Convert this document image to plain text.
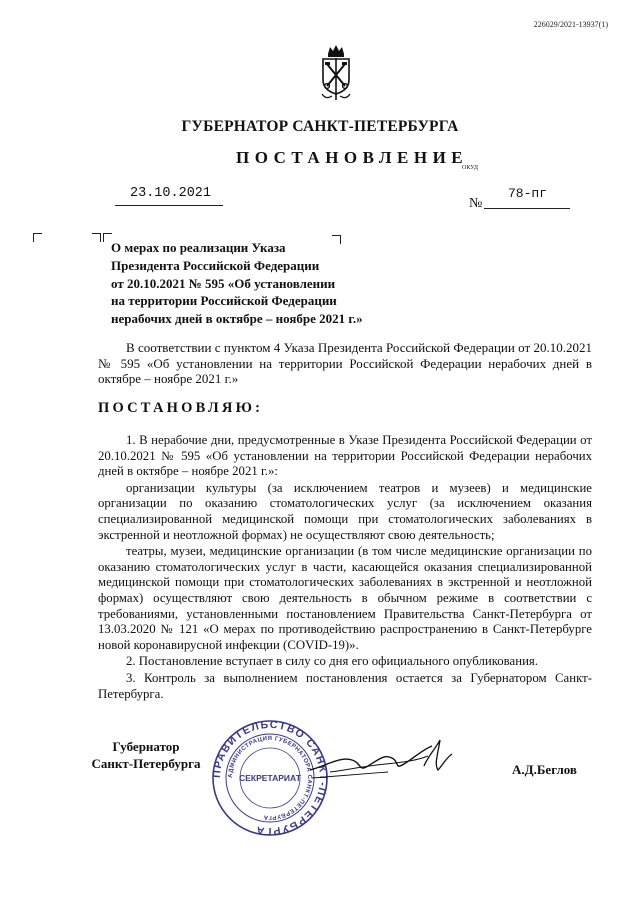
226029/2021-13937(1)
ГУБЕРНАТОР САНКТ-ПЕТЕРБУРГА
ПОСТАНОВЛЕНИЕ
ОКУД
23.10.2021
№
78-пг
О мерах по реализации Указа
Президента Российской Федерации
от 20.10.2021 № 595 «Об установлении
на территории Российской Федерации
нерабочих дней в октябре – ноябре 2021 г.»
В соответствии с пунктом 4 Указа Президента Российской Федерации от 20.10.2021 № 595 «Об установлении на территории Российской Федерации нерабочих дней в октябре – ноябре 2021 г.»
ПОСТАНОВЛЯЮ:

1. В нерабочие дни, предусмотренные в Указе Президента Российской Федерации от 20.10.2021 № 595 «Об установлении на территории Российской Федерации нерабочих дней в октябре – ноябре 2021 г.»:

организации культуры (за исключением театров и музеев) и медицинские организации по оказанию стоматологических услуг (за исключением оказания специализированной медицинской помощи при стоматологических заболеваниях в экстренной и неотложной формах) не осуществляют свою деятельность;

театры, музеи, медицинские организации (в том числе медицинские организации по оказанию стоматологических услуг в части, касающейся оказания специализированной медицинской помощи при стоматологических заболеваниях в экстренной и неотложной формах) осуществляют свою деятельность в обычном режиме в соответствии с требованиями, установленными постановлением Правительства Санкт-Петербурга от 13.03.2020 № 121 «О мерах по противодействию распространению в Санкт-Петербурге новой коронавирусной инфекции (COVID-19)».

2. Постановление вступает в силу со дня его официального опубликования.

3. Контроль за выполнением постановления остается за Губернатором Санкт-Петербурга.

Губернатор
Санкт-Петербурга
ПРАВИТЕЛЬСТВО САНКТ-ПЕТЕРБУРГА
АДМИНИСТРАЦИЯ ГУБЕРНАТОРА САНКТ-ПЕТЕРБУРГА
СЕКРЕТАРИАТ
А.Д.Беглов
